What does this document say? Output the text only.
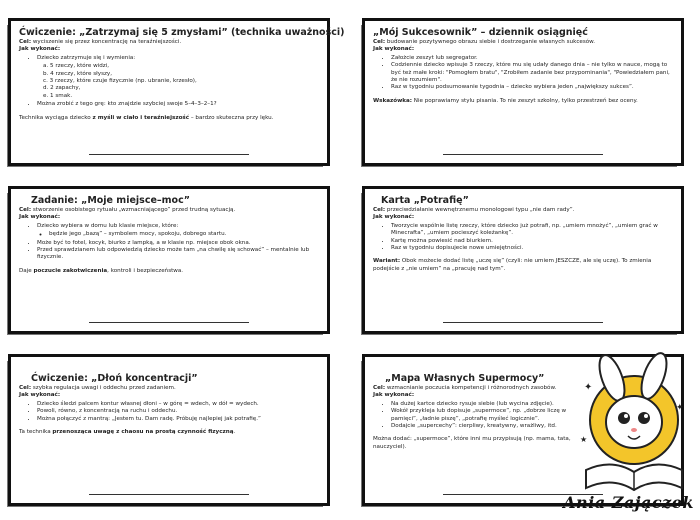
Ćwiczenie: „Zatrzymaj się 5 zmysłami” (technika uważności)

Cel: wyciszenie się przez koncentrację na teraźniejszości.

Jak wykonać:

• Dziecko zatrzymuje się i wymienia:
a. 5 rzeczy, które widzi,
b. 4 rzeczy, które słyszy,
c. 3 rzeczy, które czuje fizycznie (np. ubranie, krzesło),
d. 2 zapachy,
e. 1 smak.
• Można zrobić z tego grę: kto znajdzie szybciej swoje 5–4–3–2–1?

Technika wyciąga dziecko z myśli w ciało i teraźniejszość – bardzo skuteczna przy lęku.

„Mój Sukcesownik” – dziennik osiągnięć

Cel: budowanie pozytywnego obrazu siebie i dostrzeganie własnych sukcesów.

Jak wykonać:

• Założcie zeszyt lub segregator.
• Codziennie dziecko wpisuje 3 rzeczy, które mu się udały danego dnia – nie tylko w nauce, mogą to być też małe kroki: "Pomogłem bratu", "Zrobiłem zadanie bez przypominania", "Powiedziałem pani, że nie rozumiem".
• Raz w tygodniu podsumowanie tygodnia – dziecko wybiera jeden „największy sukces”.

Wskazówka: Nie poprawiamy stylu pisania. To nie zeszyt szkolny, tylko przestrzeń bez oceny.

Zadanie: „Moje miejsce–moc”

Cel: stworzenie osobistego rytuału „wzmacniającego” przed trudną sytuacją.

Jak wykonać:

• Dziecko wybiera w domu lub klasie miejsce, które:
◦ będzie jego „bazą” – symbolem mocy, spokoju, dobrego startu.
• Może być to fotel, kocyk, biurko z lampką, a w klasie np. miejsce obok okna.
• Przed sprawdzianem lub odpowiedzią dziecko może tam „na chwilę się schować” – mentalnie lub fizycznie.

Daje poczucie zakotwiczenia, kontroli i bezpieczeństwa.

Karta „Potrafię”

Cel: przeciwdziałanie wewnętrznemu monologowi typu „nie dam rady”.

Jak wykonać:

• Tworzycie wspólnie listę rzeczy, które dziecko już potrafi, np. „umiem mnożyć”, „umiem grać w Minecrafta”, „umiem pocieszyć koleżankę”.
• Kartę można powiesić nad biurkiem.
• Raz w tygodniu dopisujecie nowe umiejętności.

Wariant: Obok możecie dodać listę „uczę się” (czyli: nie umiem JESZCZE, ale się uczę). To zmienia podejście z „nie umiem” na „pracuję nad tym”.

Ćwiczenie: „Dłoń koncentracji”

Cel: szybka regulacja uwagi i oddechu przed zadaniem.

Jak wykonać:

• Dziecko śledzi palcem kontur własnej dłoni – w górę = wdech, w dół = wydech.
• Powoli, równo, z koncentracją na ruchu i oddechu.
• Można połączyć z mantrą: „Jestem tu. Dam radę. Próbuję najlepiej jak potrafię.”

Ta technika przenosząca uwagę z chaosu na prostą czynność fizyczną.

„Mapa Własnych Supermocy”

Cel: wzmacnianie poczucia kompetencji i różnorodnych zasobów.

Jak wykonać:

• Na dużej kartce dziecko rysuje siebie (lub wycina zdjęcie).
• Wokół przykleja lub dopisuje „supermoce”, np. „dobrze liczę w pamięci”, „ładnie piszę”, „potrafię myśleć logicznie”.
• Dodajcie „supercechy”: cierpliwy, kreatywny, wrażliwy, itd.

Można dodać: „supermoce”, które inni mu przypisują (np. mama, tata, nauczyciel).

✦
✦
★
Ania Zajączek
